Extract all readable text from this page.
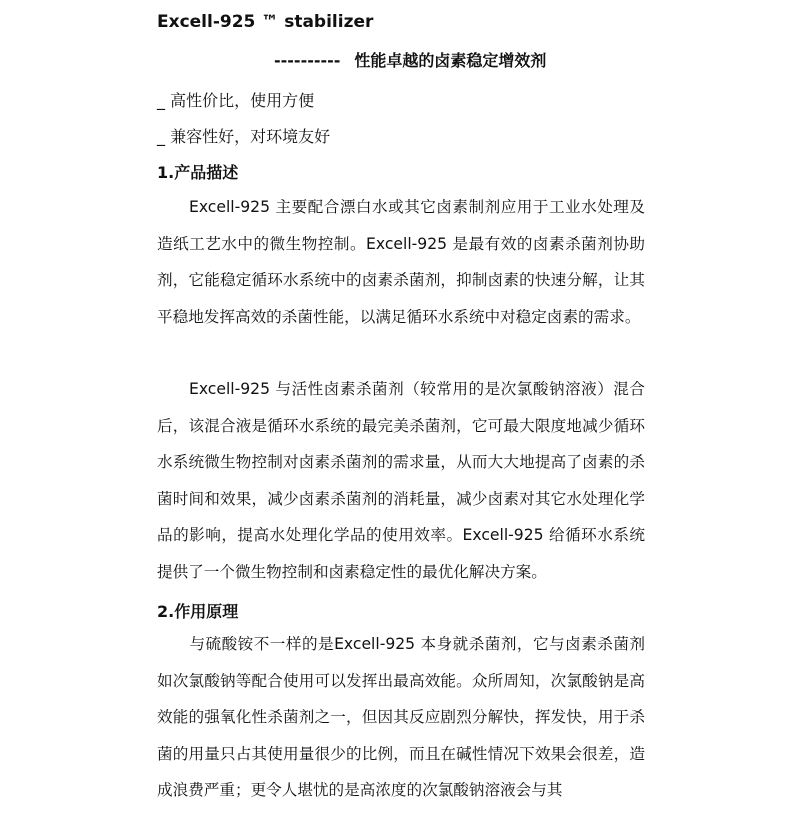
Excell-925 ™ stabilizer
---------- 性能卓越的卤素稳定增效剂
_ 高性价比，使用方便
_ 兼容性好，对环境友好
1.产品描述
Excell-925 主要配合漂白水或其它卤素制剂应用于工业水处理及造纸工艺水中的微生物控制。Excell-925 是最有效的卤素杀菌剂协助剂，它能稳定循环水系统中的卤素杀菌剂，抑制卤素的快速分解，让其平稳地发挥高效的杀菌性能，以满足循环水系统中对稳定卤素的需求。
Excell-925 与活性卤素杀菌剂（较常用的是次氯酸钠溶液）混合后，该混合液是循环水系统的最完美杀菌剂，它可最大限度地减少循环水系统微生物控制对卤素杀菌剂的需求量，从而大大地提高了卤素的杀菌时间和效果，减少卤素杀菌剂的消耗量，减少卤素对其它水处理化学品的影响，提高水处理化学品的使用效率。Excell-925 给循环水系统提供了一个微生物控制和卤素稳定性的最优化解决方案。
2.作用原理
与硫酸铵不一样的是Excell-925 本身就杀菌剂，它与卤素杀菌剂如次氯酸钠等配合使用可以发挥出最高效能。众所周知，次氯酸钠是高效能的强氧化性杀菌剂之一，但因其反应剧烈分解快，挥发快，用于杀菌的用量只占其使用量很少的比例，而且在碱性情况下效果会很差，造成浪费严重；更令人堪忧的是高浓度的次氯酸钠溶液会与其
